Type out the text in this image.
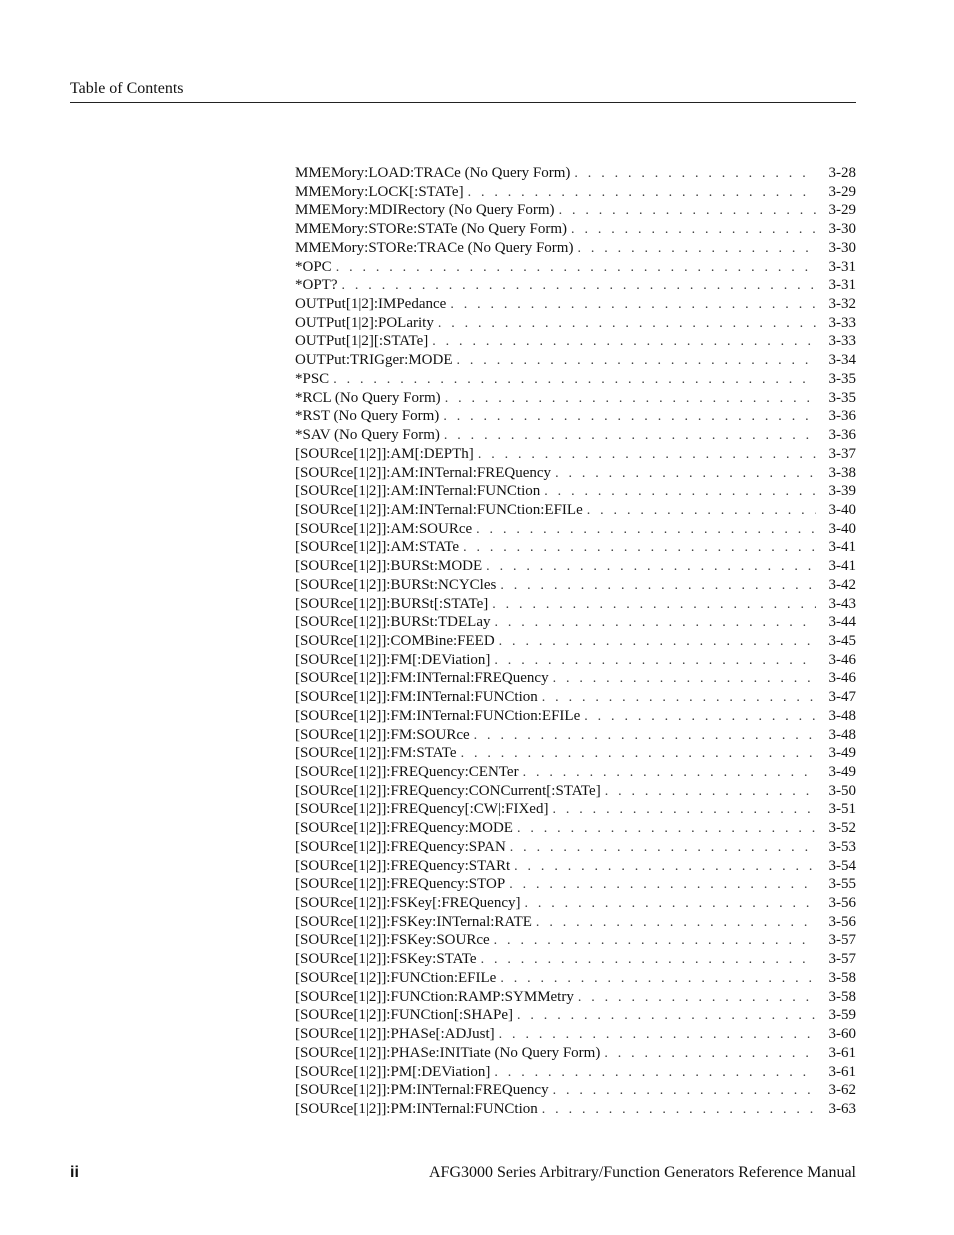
Table of Contents
MMEMory:LOAD:TRACe (No Query Form) . . .	3-28
MMEMory:LOCK[:STATe] . . .	3-29
MMEMory:MDIRectory (No Query Form) . . .	3-29
MMEMory:STORe:STATe (No Query Form) . . .	3-30
MMEMory:STORe:TRACe (No Query Form) . . .	3-30
*OPC . . .	3-31
*OPT? . . .	3-31
OUTPut[1|2]:IMPedance . . .	3-32
OUTPut[1|2]:POLarity . . .	3-33
OUTPut[1|2][:STATe] . . .	3-33
OUTPut:TRIGger:MODE . . .	3-34
*PSC . . .	3-35
*RCL (No Query Form) . . .	3-35
*RST (No Query Form) . . .	3-36
*SAV (No Query Form) . . .	3-36
[SOURce[1|2]]:AM[:DEPTh] . . .	3-37
[SOURce[1|2]]:AM:INTernal:FREQuency . . .	3-38
[SOURce[1|2]]:AM:INTernal:FUNCtion . . .	3-39
[SOURce[1|2]]:AM:INTernal:FUNCtion:EFILe . . .	3-40
[SOURce[1|2]]:AM:SOURce . . .	3-40
[SOURce[1|2]]:AM:STATe . . .	3-41
[SOURce[1|2]]:BURSt:MODE . . .	3-41
[SOURce[1|2]]:BURSt:NCYCles . . .	3-42
[SOURce[1|2]]:BURSt[:STATe] . . .	3-43
[SOURce[1|2]]:BURSt:TDELay . . .	3-44
[SOURce[1|2]]:COMBine:FEED . . .	3-45
[SOURce[1|2]]:FM[:DEViation] . . .	3-46
[SOURce[1|2]]:FM:INTernal:FREQuency . . .	3-46
[SOURce[1|2]]:FM:INTernal:FUNCtion . . .	3-47
[SOURce[1|2]]:FM:INTernal:FUNCtion:EFILe . . .	3-48
[SOURce[1|2]]:FM:SOURce . . .	3-48
[SOURce[1|2]]:FM:STATe . . .	3-49
[SOURce[1|2]]:FREQuency:CENTer . . .	3-49
[SOURce[1|2]]:FREQuency:CONCurrent[:STATe] . . .	3-50
[SOURce[1|2]]:FREQuency[:CW|:FIXed] . . .	3-51
[SOURce[1|2]]:FREQuency:MODE . . .	3-52
[SOURce[1|2]]:FREQuency:SPAN . . .	3-53
[SOURce[1|2]]:FREQuency:STARt . . .	3-54
[SOURce[1|2]]:FREQuency:STOP . . .	3-55
[SOURce[1|2]]:FSKey[:FREQuency] . . .	3-56
[SOURce[1|2]]:FSKey:INTernal:RATE . . .	3-56
[SOURce[1|2]]:FSKey:SOURce . . .	3-57
[SOURce[1|2]]:FSKey:STATe . . .	3-57
[SOURce[1|2]]:FUNCtion:EFILe . . .	3-58
[SOURce[1|2]]:FUNCtion:RAMP:SYMMetry . . .	3-58
[SOURce[1|2]]:FUNCtion[:SHAPe] . . .	3-59
[SOURce[1|2]]:PHASe[:ADJust] . . .	3-60
[SOURce[1|2]]:PHASe:INITiate (No Query Form) . . .	3-61
[SOURce[1|2]]:PM[:DEViation] . . .	3-61
[SOURce[1|2]]:PM:INTernal:FREQuency . . .	3-62
[SOURce[1|2]]:PM:INTernal:FUNCtion . . .	3-63
ii	AFG3000 Series Arbitrary/Function Generators Reference Manual
